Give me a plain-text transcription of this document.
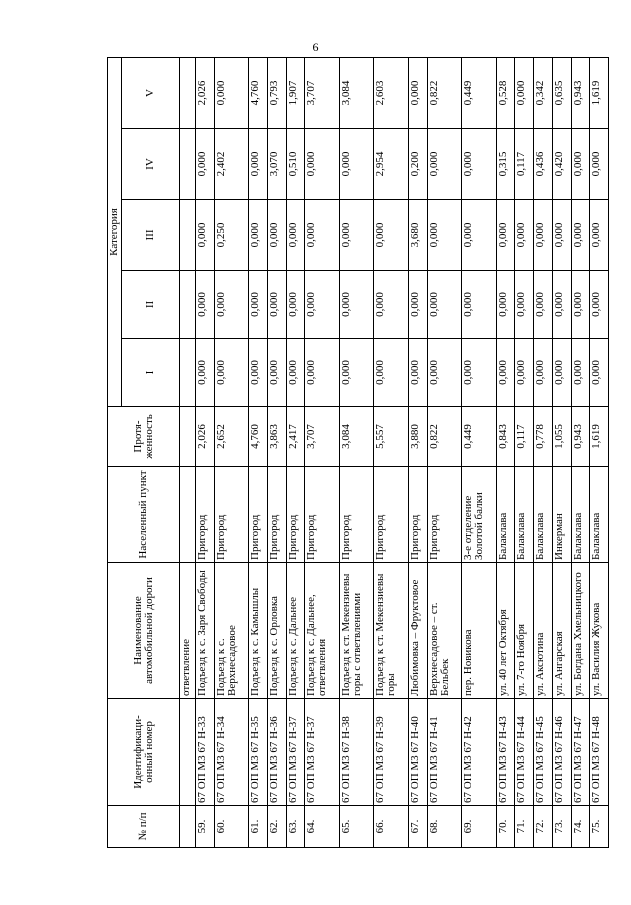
6
№ п/п	Идентификаци-онный номер	Наименование автомобильной дороги	Населенный пункт	Протя-женность	Категория				
					I	II	III	IV	V
		ответвление							
59.	67 ОП М3 67 Н-33	Подъезд к с. Заря Свободы	Пригород	2,026	0,000	0,000	0,000	0,000	2,026
60.	67 ОП М3 67 Н-34	Подъезд к с. Верхнесадовое	Пригород	2,652	0,000	0,000	0,250	2,402	0,000
61.	67 ОП М3 67 Н-35	Подъезд к с. Камышлы	Пригород	4,760	0,000	0,000	0,000	0,000	4,760
62.	67 ОП М3 67 Н-36	Подъезд к с. Орловка	Пригород	3,863	0,000	0,000	0,000	3,070	0,793
63.	67 ОП М3 67 Н-37	Подъезд к с. Дальнее	Пригород	2,417	0,000	0,000	0,000	0,510	1,907
64.	67 ОП М3 67 Н-37	Подъезд к с. Дальнее, ответвления	Пригород	3,707	0,000	0,000	0,000	0,000	3,707
65.	67 ОП М3 67 Н-38	Подъезд к ст. Мекензиевы горы с ответвлениями	Пригород	3,084	0,000	0,000	0,000	0,000	3,084
66.	67 ОП М3 67 Н-39	Подъезд к ст. Мекензиевы горы	Пригород	5,557	0,000	0,000	0,000	2,954	2,603
67.	67 ОП М3 67 Н-40	Любимовка – Фруктовое	Пригород	3,880	0,000	0,000	3,680	0,200	0,000
68.	67 ОП М3 67 Н-41	Верхнесадовое – ст. Бельбек	Пригород	0,822	0,000	0,000	0,000	0,000	0,822
69.	67 ОП М3 67 Н-42	пер. Новикова	3-е отделение Золотой балки	0,449	0,000	0,000	0,000	0,000	0,449
70.	67 ОП М3 67 Н-43	ул. 40 лет Октября	Балаклава	0,843	0,000	0,000	0,000	0,315	0,528
71.	67 ОП М3 67 Н-44	ул. 7-го Ноября	Балаклава	0,117	0,000	0,000	0,000	0,117	0,000
72.	67 ОП М3 67 Н-45	ул. Аксютина	Балаклава	0,778	0,000	0,000	0,000	0,436	0,342
73.	67 ОП М3 67 Н-46	ул. Ангарская	Инкерман	1,055	0,000	0,000	0,000	0,420	0,635
74.	67 ОП М3 67 Н-47	ул. Богдана Хмельницкого	Балаклава	0,943	0,000	0,000	0,000	0,000	0,943
75.	67 ОП М3 67 Н-48	ул. Василия Жукова	Балаклава	1,619	0,000	0,000	0,000	0,000	1,619
